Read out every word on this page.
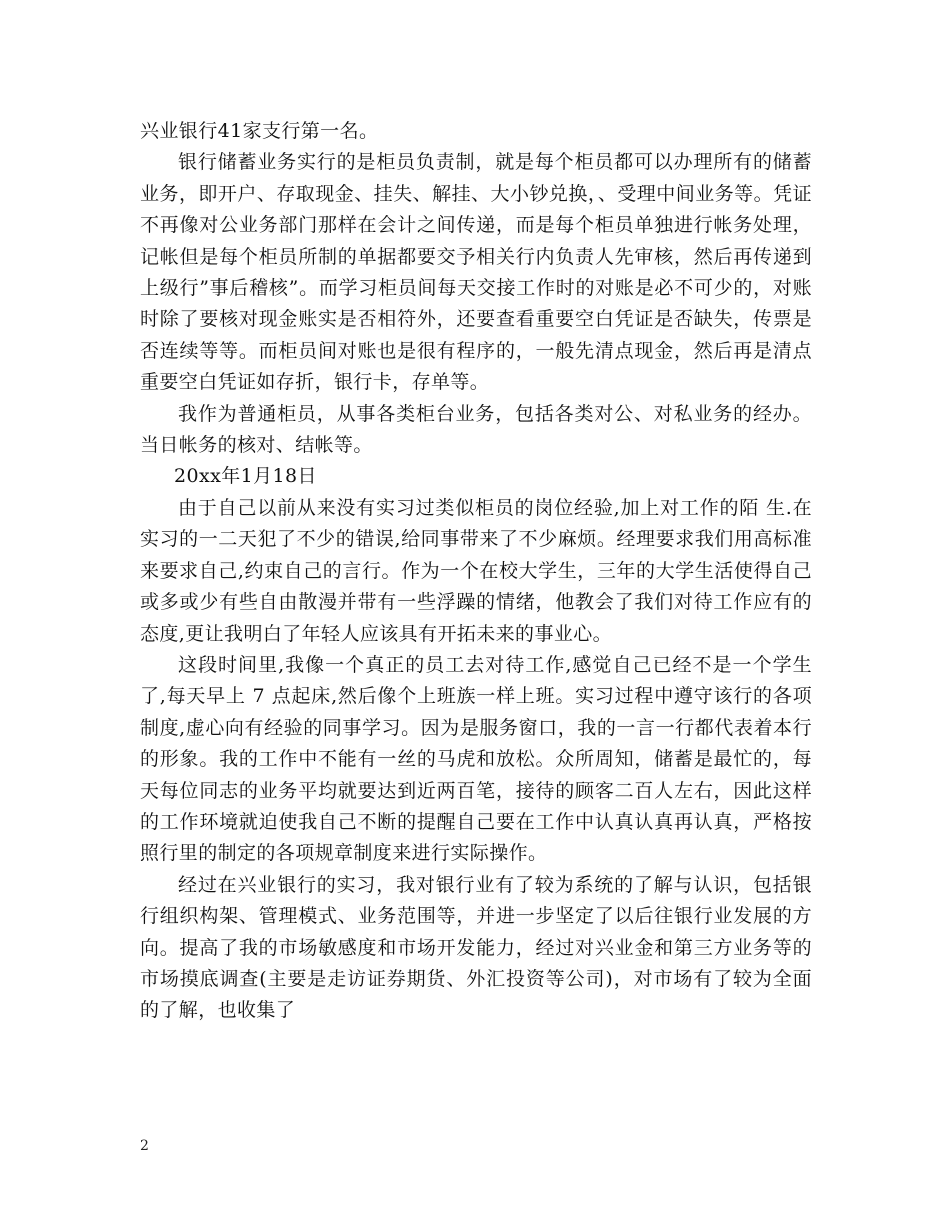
兴业银行41家支行第一名。

银行储蓄业务实行的是柜员负责制，就是每个柜员都可以办理所有的储蓄业务，即开户、存取现金、挂失、解挂、大小钞兑换，、受理中间业务等。凭证不再像对公业务部门那样在会计之间传递，而是每个柜员单独进行帐务处理，记帐但是每个柜员所制的单据都要交予相关行内负责人先审核，然后再传递到上级行”事后稽核”。而学习柜员间每天交接工作时的对账是必不可少的，对账时除了要核对现金账实是否相符外，还要查看重要空白凭证是否缺失，传票是否连续等等。而柜员间对账也是很有程序的，一般先清点现金，然后再是清点重要空白凭证如存折，银行卡，存单等。

我作为普通柜员，从事各类柜台业务，包括各类对公、对私业务的经办。当日帐务的核对、结帐等。

20xx年1月18日

由于自己以前从来没有实习过类似柜员的岗位经验,加上对工作的陌 生.在实习的一二天犯了不少的错误,给同事带来了不少麻烦。经理要求我们用高标准来要求自己,约束自己的言行。作为一个在校大学生，三年的大学生活使得自己或多或少有些自由散漫并带有一些浮躁的情绪，他教会了我们对待工作应有的态度,更让我明白了年轻人应该具有开拓未来的事业心。

这段时间里,我像一个真正的员工去对待工作,感觉自己已经不是一个学生了,每天早上 7 点起床,然后像个上班族一样上班。实习过程中遵守该行的各项制度,虚心向有经验的同事学习。因为是服务窗口，我的一言一行都代表着本行的形象。我的工作中不能有一丝的马虎和放松。众所周知，储蓄是最忙的，每天每位同志的业务平均就要达到近两百笔，接待的顾客二百人左右，因此这样的工作环境就迫使我自己不断的提醒自己要在工作中认真认真再认真，严格按照行里的制定的各项规章制度来进行实际操作。

经过在兴业银行的实习，我对银行业有了较为系统的了解与认识，包括银行组织构架、管理模式、业务范围等，并进一步坚定了以后往银行业发展的方向。提高了我的市场敏感度和市场开发能力，经过对兴业金和第三方业务等的市场摸底调查(主要是走访证券期货、外汇投资等公司)，对市场有了较为全面的了解，也收集了

2
